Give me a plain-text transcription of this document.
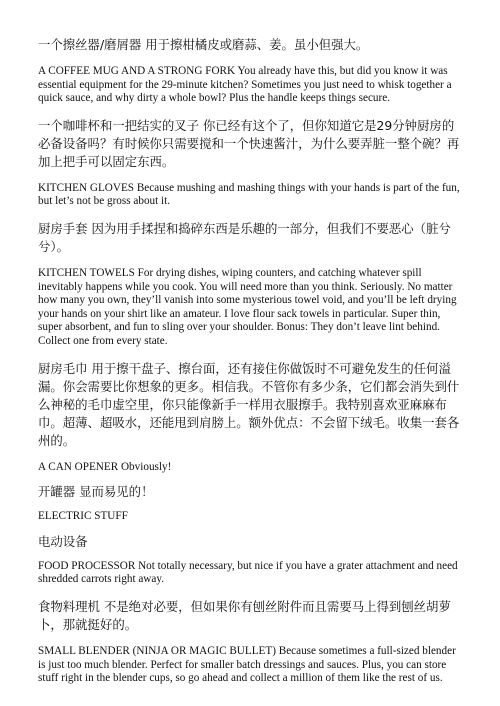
一个擦丝器/磨屑器 用于擦柑橘皮或磨蒜、姜。虽小但强大。

A COFFEE MUG AND A STRONG FORK You already have this, but did you know it was essential equipment for the 29-minute kitchen? Sometimes you just need to whisk together a quick sauce, and why dirty a whole bowl? Plus the handle keeps things secure.

一个咖啡杯和一把结实的叉子 你已经有这个了，但你知道它是29分钟厨房的必备设备吗？有时候你只需要搅和一个快速酱汁，为什么要弄脏一整个碗？再加上把手可以固定东西。

KITCHEN GLOVES Because mushing and mashing things with your hands is part of the fun, but let’s not be gross about it.

厨房手套 因为用手揉捏和捣碎东西是乐趣的一部分，但我们不要恶心（脏兮兮）。

KITCHEN TOWELS For drying dishes, wiping counters, and catching whatever spill inevitably happens while you cook. You will need more than you think. Seriously. No matter how many you own, they’ll vanish into some mysterious towel void, and you’ll be left drying your hands on your shirt like an amateur. I love flour sack towels in particular. Super thin, super absorbent, and fun to sling over your shoulder. Bonus: They don’t leave lint behind. Collect one from every state.

厨房毛巾 用于擦干盘子、擦台面，还有接住你做饭时不可避免发生的任何溢漏。你会需要比你想象的更多。相信我。不管你有多少条，它们都会消失到什么神秘的毛巾虚空里，你只能像新手一样用衣服擦手。我特别喜欢亚麻麻布巾。超薄、超吸水，还能甩到肩膀上。额外优点：不会留下绒毛。收集一套各州的。

A CAN OPENER Obviously!

开罐器 显而易见的！

ELECTRIC STUFF

电动设备

FOOD PROCESSOR Not totally necessary, but nice if you have a grater attachment and need shredded carrots right away.

食物料理机 不是绝对必要，但如果你有刨丝附件而且需要马上得到刨丝胡萝卜，那就挺好的。

SMALL BLENDER (NINJA OR MAGIC BULLET) Because sometimes a full-sized blender is just too much blender. Perfect for smaller batch dressings and sauces. Plus, you can store stuff right in the blender cups, so go ahead and collect a million of them like the rest of us.
